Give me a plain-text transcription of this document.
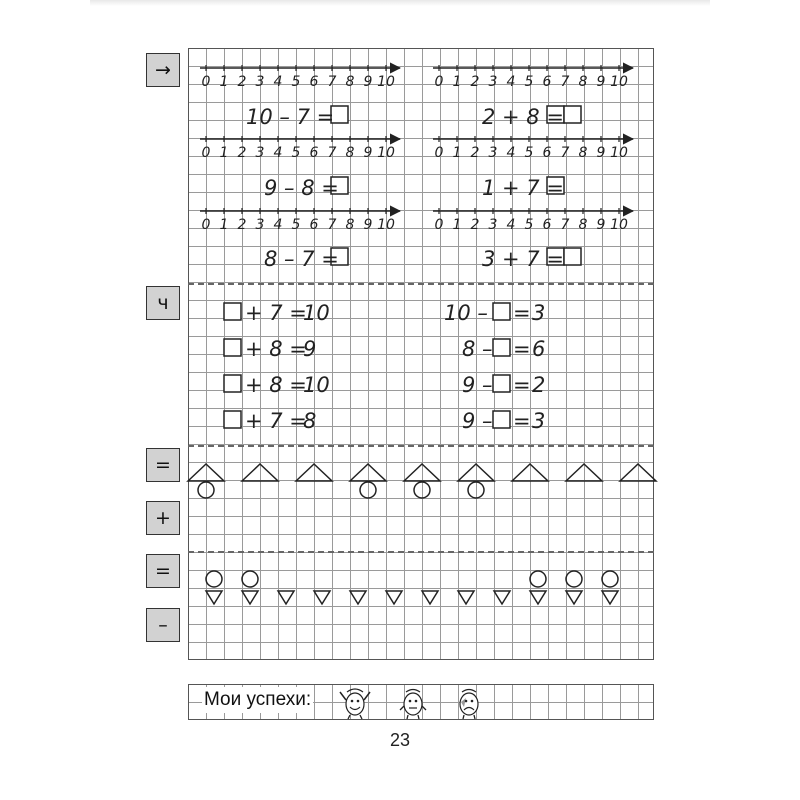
→
ч
=
+
=
–
0 1 2 3 4 5 6 7 8 9 10	0 1 2 3 4 5 6 7 8 9 10
0 1 2 3 4 5 6 7 8 9 10	0 1 2 3 4 5 6 7 8 9 10
0 1 2 3 4 5 6 7 8 9 10	0 1 2 3 4 5 6 7 8 9 10
10 – 7 =
9 – 8 =
8 – 7 =
2 + 8 =
1 + 7 =
3 + 7 =
+ 7 =
10
+ 8 =
9
+ 8 =
10
+ 7 =
8
10 – = 3
8 – = 6
9 – = 2
9 – = 3
Мои успехи:
23
